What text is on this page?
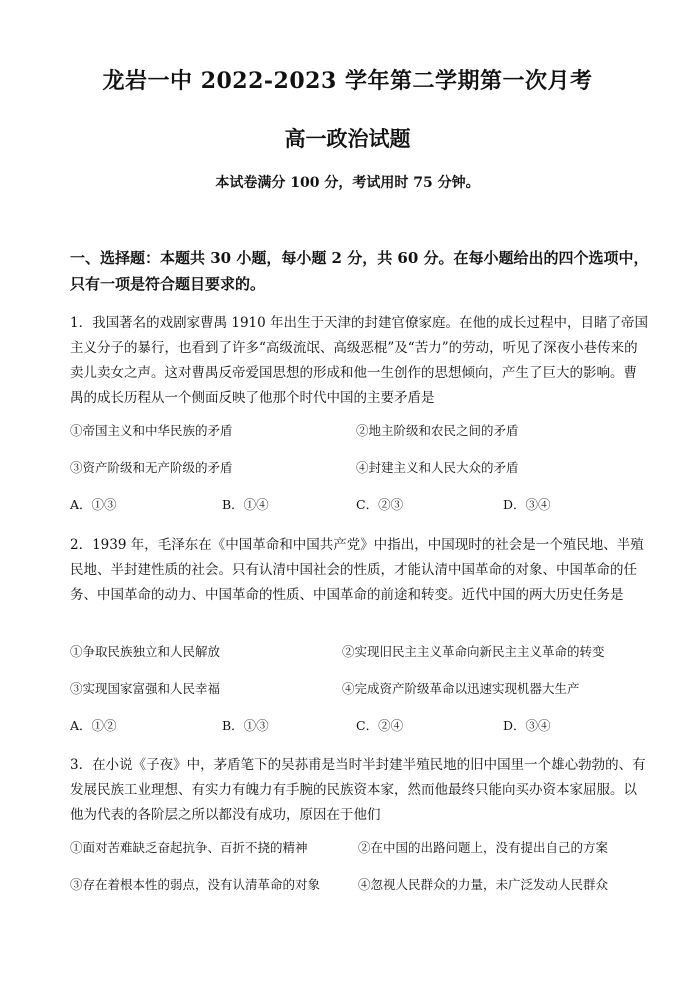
龙岩一中 2022-2023 学年第二学期第一次月考
高一政治试题
本试卷满分 100 分，考试用时 75 分钟。
一、选择题：本题共 30 小题，每小题 2 分，共 60 分。在每小题给出的四个选项中，只有一项是符合题目要求的。
1．我国著名的戏剧家曹禺 1910 年出生于天津的封建官僚家庭。在他的成长过程中，目睹了帝国主义分子的暴行，也看到了许多“高级流氓、高级恶棍”及“苦力”的劳动，听见了深夜小巷传来的卖儿卖女之声。这对曹禺反帝爱国思想的形成和他一生创作的思想倾向，产生了巨大的影响。曹禺的成长历程从一个侧面反映了他那个时代中国的主要矛盾是
①帝国主义和中华民族的矛盾	②地主阶级和农民之间的矛盾
③资产阶级和无产阶级的矛盾	④封建主义和人民大众的矛盾
A．①③	B．①④	C．②③	D．③④
2．1939 年，毛泽东在《中国革命和中国共产党》中指出，中国现时的社会是一个殖民地、半殖民地、半封建性质的社会。只有认清中国社会的性质，才能认清中国革命的对象、中国革命的任务、中国革命的动力、中国革命的性质、中国革命的前途和转变。近代中国的两大历史任务是
①争取民族独立和人民解放	②实现旧民主主义革命向新民主主义革命的转变
③实现国家富强和人民幸福	④完成资产阶级革命以迅速实现机器大生产
A．①②	B．①③	C．②④	D．③④
3．在小说《子夜》中，茅盾笔下的吴荪甫是当时半封建半殖民地的旧中国里一个雄心勃勃的、有发展民族工业理想、有实力有魄力有手腕的民族资本家，然而他最终只能向买办资本家屈服。以他为代表的各阶层之所以都没有成功，原因在于他们
①面对苦难缺乏奋起抗争、百折不挠的精神	②在中国的出路问题上，没有提出自己的方案
③存在着根本性的弱点，没有认清革命的对象	④忽视人民群众的力量，未广泛发动人民群众
